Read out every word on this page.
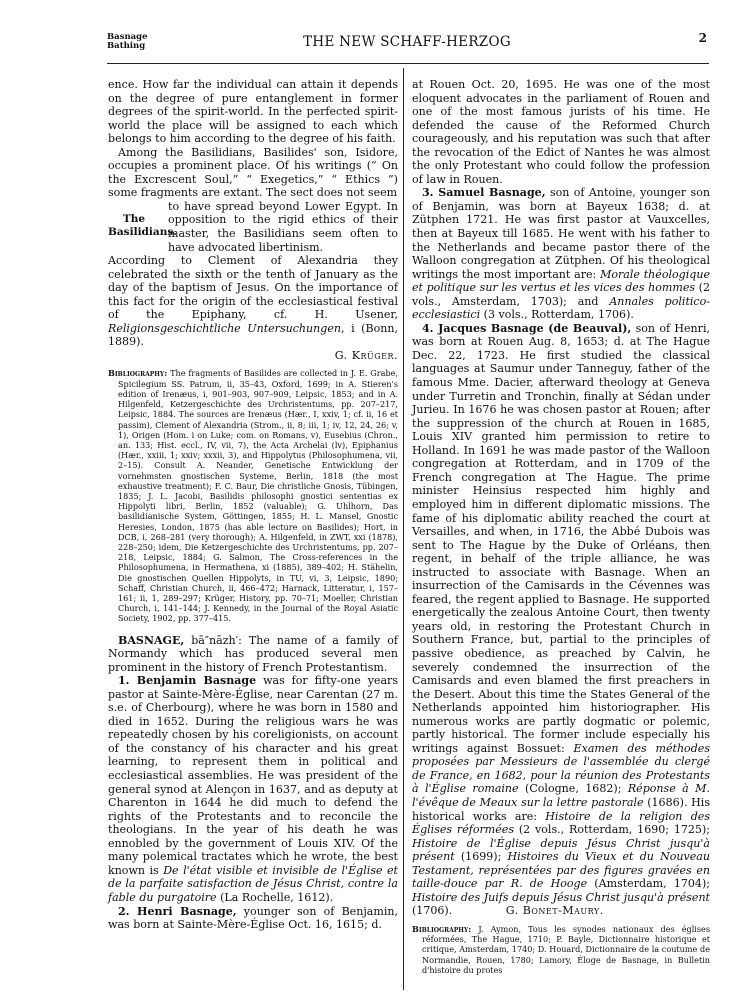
Basnage
Bathing	THE NEW SCHAFF-HERZOG	2

ence. How far the individual can attain it depends on the degree of pure entanglement in former degrees of the spirit-world. In the perfected spirit-world the place will be assigned to each which belongs to him according to the degree of his faith.

Among the Basilidians, Basilides' son, Isidore, occupies a prominent place. Of his writings (“ On the Excrescent Soul,” “ Exegetics,” “ Ethics ”) some fragments are extant. The sect does not seem

The Basilidians.

to have spread beyond Lower Egypt. In opposition to the rigid ethics of their master, the Basilidians seem often to have advocated libertinism.

According to Clement of Alexandria they celebrated the sixth or the tenth of January as the day of the baptism of Jesus. On the importance of this fact for the origin of the ecclesiastical festival of the Epiphany, cf. H. Usener, Religionsgeschichtliche Untersuchungen, i (Bonn, 1889).

G. Krüger.

Bibliography: The fragments of Basilides are collected in J. E. Grabe, Spicilegium SS. Patrum, ii, 35–43, Oxford, 1699; in A. Stieren's edition of Irenæus, i, 901–903, 907–909, Leipsic, 1853; and in A. Hilgenfeld, Ketzergeschichte des Urchristentums, pp. 207–217, Leipsic, 1884. The sources are Irenæus (Hær., I, xxiv, 1; cf. ii, 16 et passim), Clement of Alexandria (Strom., ii, 8; iii, 1; iv, 12, 24, 26; v, 1), Origen (Hom. i on Luke; com. on Romans, v), Eusebius (Chron., an. 133; Hist. eccl., IV, vii, 7), the Acta Archelai (lv), Epiphanius (Hær., xxiii, 1; xxiv; xxxii, 3), and Hippolytus (Philosophumena, vii, 2–15). Consult A. Neander, Genetische Entwicklung der vornehmsten gnostischen Systeme, Berlin, 1818 (the most exhaustive treatment); F. C. Baur, Die christliche Gnosis, Tübingen, 1835; J. L. Jacobi, Basilidis philosophi gnostici sententias ex Hippolyti libri, Berlin, 1852 (valuable); G. Uhlhorn, Das basilidianische System, Göttingen, 1855; H. L. Mansel, Gnostic Heresies, London, 1875 (has able lecture on Basilides); Hort, in DCB, i, 268–281 (very thorough); A. Hilgenfeld, in ZWT, xxi (1878), 228–250; idem, Die Ketzergeschichte des Urchristentums, pp. 207–218, Leipsic, 1884; G. Salmon, The Cross-references in the Philosophumena, in Hermathena, xi (1885), 389–402; H. Stähelin, Die gnostischen Quellen Hippolyts, in TU, vi, 3, Leipsic, 1890; Schaff, Christian Church, ii, 466–472; Harnack, Litteratur, i, 157–161; ii, 1, 289–297; Krüger, History, pp. 70–71; Moeller, Christian Church, i, 141–144; J. Kennedy, in the Journal of the Royal Asiatic Society, 1902, pp. 377–415.

BASNAGE, bā″nāzh′: The name of a family of Normandy which has produced several men prominent in the history of French Protestantism.

1. Benjamin Basnage was for fifty-one years pastor at Sainte-Mère-Église, near Carentan (27 m. s.e. of Cherbourg), where he was born in 1580 and died in 1652. During the religious wars he was repeatedly chosen by his coreligionists, on account of the constancy of his character and his great learning, to represent them in political and ecclesiastical assemblies. He was president of the general synod at Alençon in 1637, and as deputy at Charenton in 1644 he did much to defend the rights of the Protestants and to reconcile the theologians. In the year of his death he was ennobled by the government of Louis XIV. Of the many polemical tractates which he wrote, the best known is De l'état visible et invisible de l'Église et de la parfaite satisfaction de Jésus Christ, contre la fable du purgatoire (La Rochelle, 1612).

2. Henri Basnage, younger son of Benjamin, was born at Sainte-Mère-Église Oct. 16, 1615; d.

at Rouen Oct. 20, 1695. He was one of the most eloquent advocates in the parliament of Rouen and one of the most famous jurists of his time. He defended the cause of the Reformed Church courageously, and his reputation was such that after the revocation of the Edict of Nantes he was almost the only Protestant who could follow the profession of law in Rouen.

3. Samuel Basnage, son of Antoine, younger son of Benjamin, was born at Bayeux 1638; d. at Zütphen 1721. He was first pastor at Vauxcelles, then at Bayeux till 1685. He went with his father to the Netherlands and became pastor there of the Walloon congregation at Zütphen. Of his theological writings the most important are: Morale théologique et politique sur les vertus et les vices des hommes (2 vols., Amsterdam, 1703); and Annales politico-ecclesiastici (3 vols., Rotterdam, 1706).

4. Jacques Basnage (de Beauval), son of Henri, was born at Rouen Aug. 8, 1653; d. at The Hague Dec. 22, 1723. He first studied the classical languages at Saumur under Tanneguy, father of the famous Mme. Dacier, afterward theology at Geneva under Turretin and Tronchin, finally at Sédan under Jurieu. In 1676 he was chosen pastor at Rouen; after the suppression of the church at Rouen in 1685, Louis XIV granted him permission to retire to Holland. In 1691 he was made pastor of the Walloon congregation at Rotterdam, and in 1709 of the French congregation at The Hague. The prime minister Heinsius respected him highly and employed him in different diplomatic missions. The fame of his diplomatic ability reached the court at Versailles, and when, in 1716, the Abbé Dubois was sent to The Hague by the Duke of Orléans, then regent, in behalf of the triple alliance, he was instructed to associate with Basnage. When an insurrection of the Camisards in the Cévennes was feared, the regent applied to Basnage. He supported energetically the zealous Antoine Court, then twenty years old, in restoring the Protestant Church in Southern France, but, partial to the principles of passive obedience, as preached by Calvin, he severely condemned the insurrection of the Camisards and even blamed the first preachers in the Desert. About this time the States General of the Netherlands appointed him historiographer. His numerous works are partly dogmatic or polemic, partly historical. The former include especially his writings against Bossuet: Examen des méthodes proposées par Messieurs de l'assemblée du clergé de France, en 1682, pour la réunion des Protestants à l'Église romaine (Cologne, 1682); Réponse à M. l'évêque de Meaux sur la lettre pastorale (1686). His historical works are: Histoire de la religion des Églises réformées (2 vols., Rotterdam, 1690; 1725); Histoire de l'Église depuis Jésus Christ jusqu'à présent (1699); Histoires du Vieux et du Nouveau Testament, représentées par des figures gravées en taille-douce par R. de Hooge (Amsterdam, 1704); Histoire des Juifs depuis Jésus Christ jusqu'à présent (1706).	G. Bonet-Maury.

Bibliography: J. Aymon, Tous les synodes nationaux des églises réformées, The Hague, 1710; P. Bayle, Dictionnaire historique et critique, Amsterdam, 1740; D. Houard, Dictionnaire de la coutume de Normandie, Rouen, 1780; Lamory, Éloge de Basnage, in Bulletin d'histoire du protes
